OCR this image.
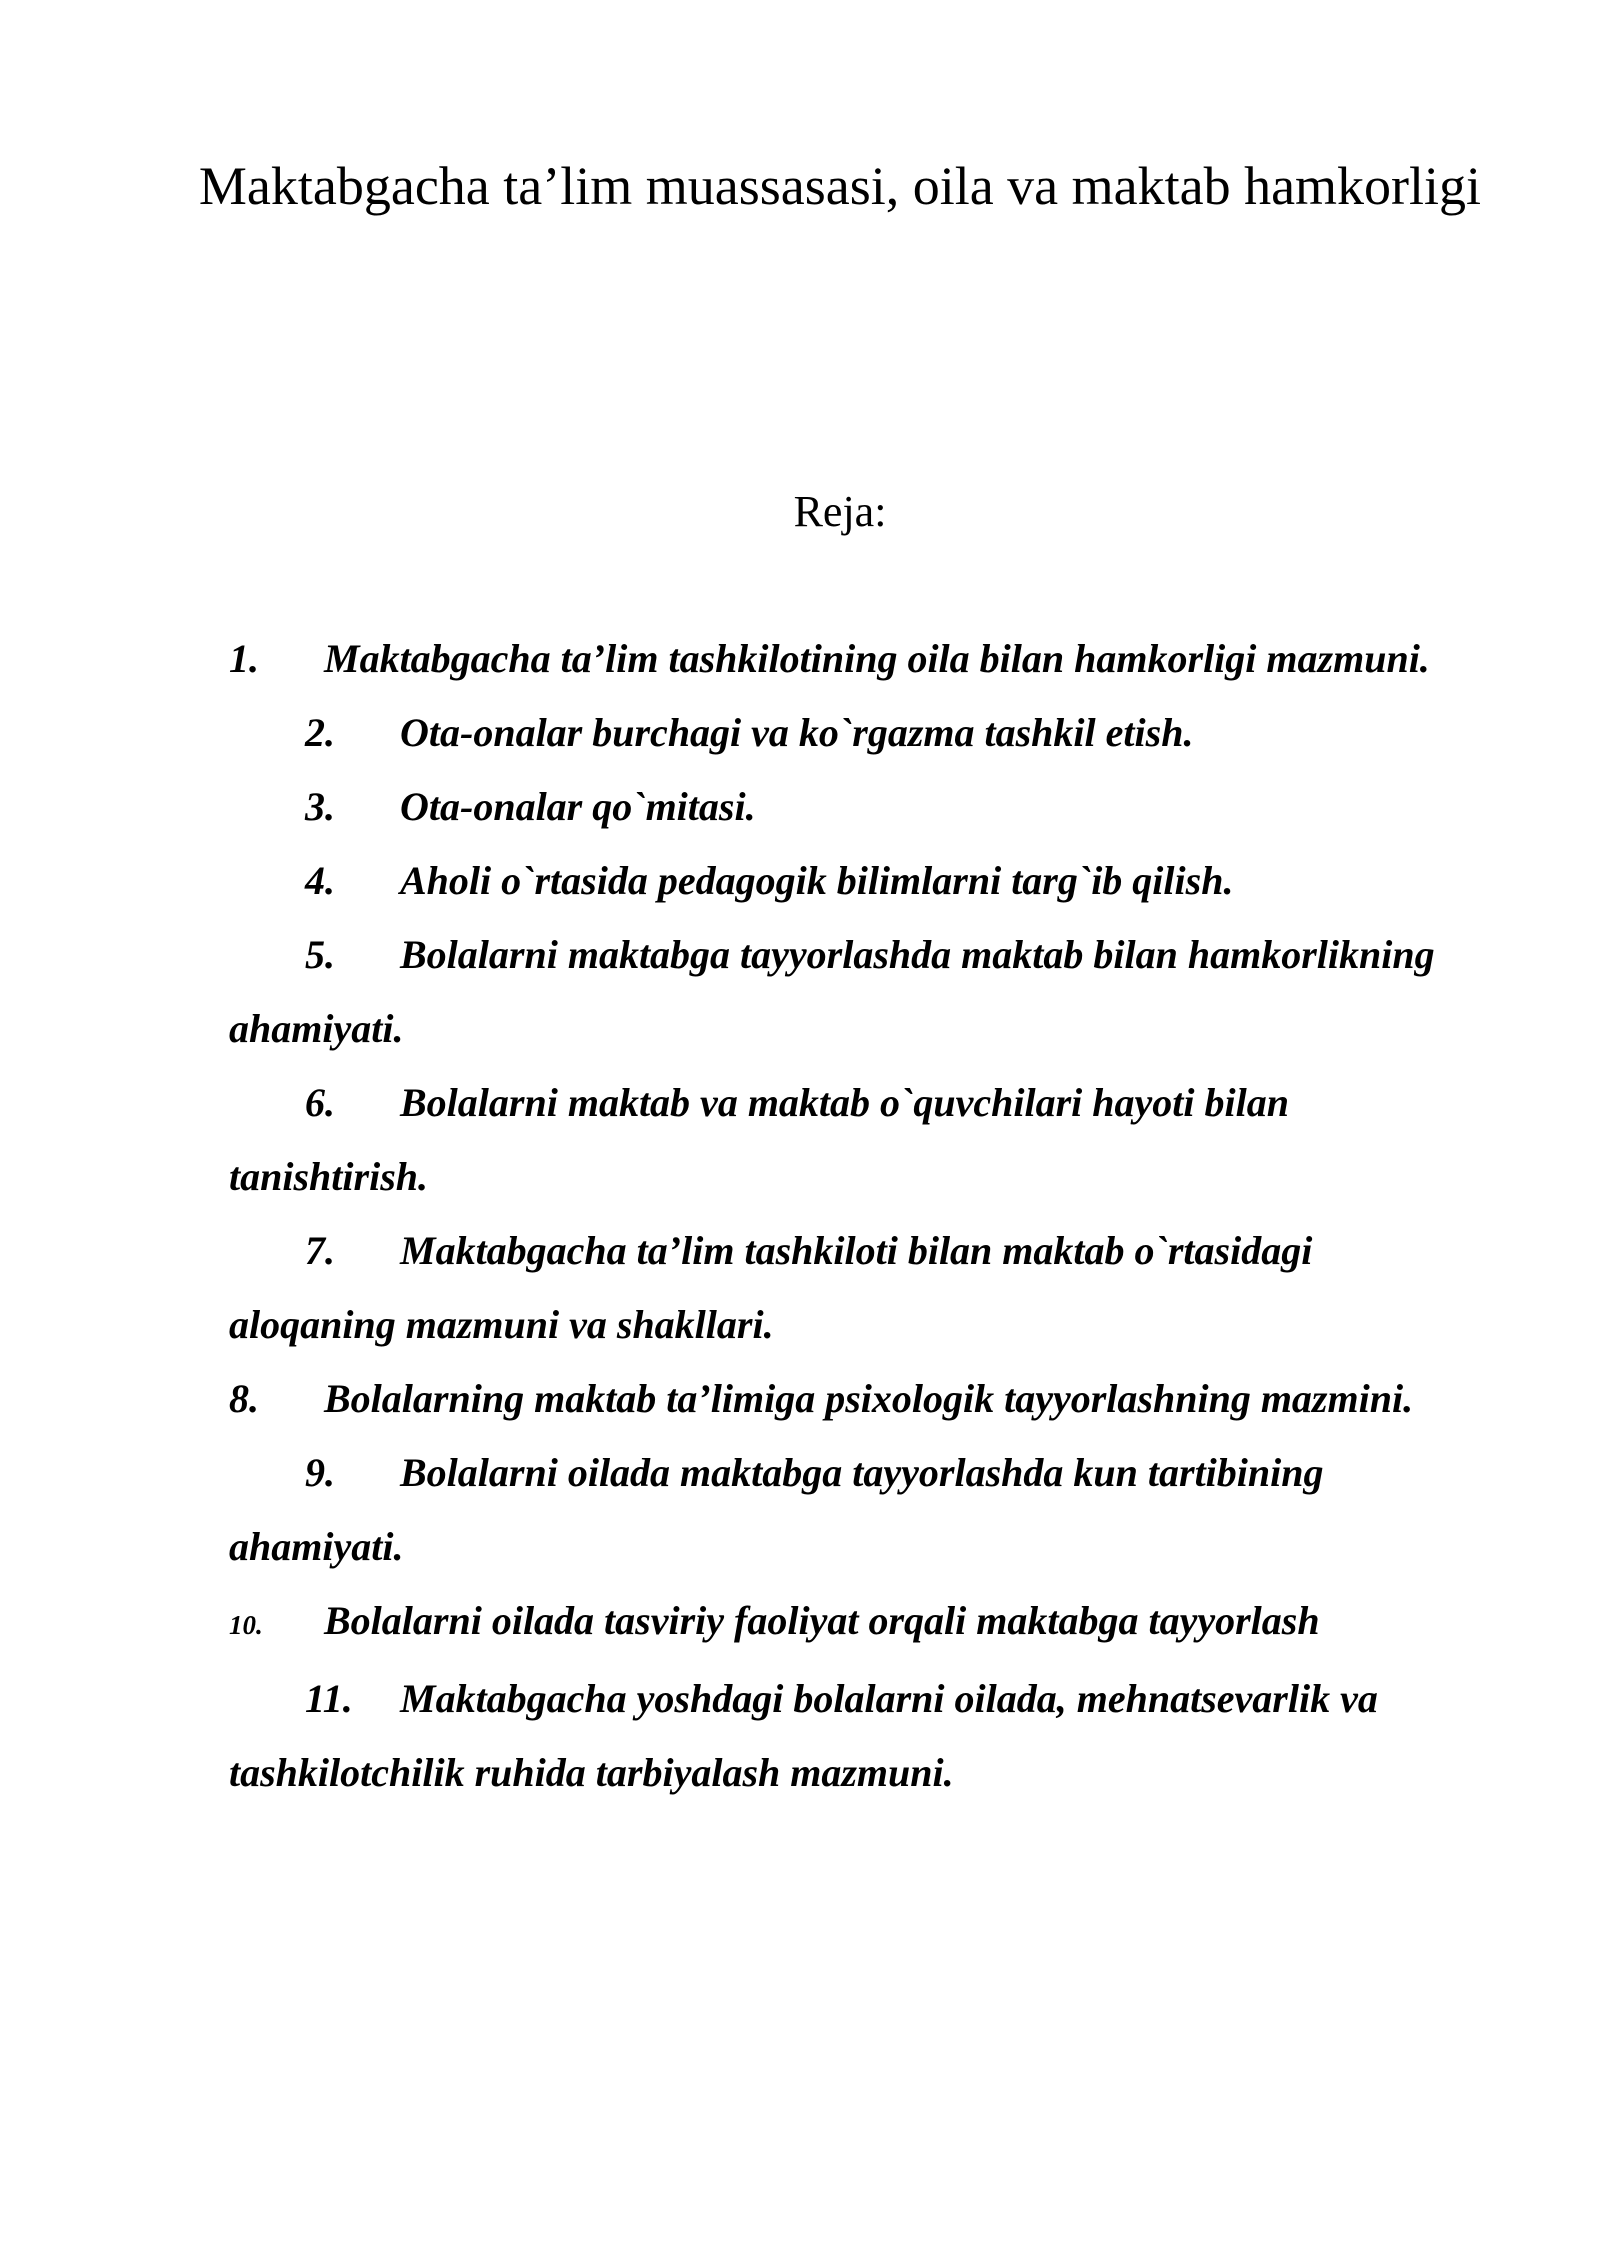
Maktabgacha ta’lim muassasasi, oila va maktab hamkorligi

Reja:

1. Maktabgacha ta’lim tashkilotining oila bilan hamkorligi mazmuni.
2. Ota-onalar burchagi va ko`rgazma tashkil etish.
3. Ota-onalar qo`mitasi.
4. Aholi o`rtasida pedagogik bilimlarni targ`ib qilish.
5. Bolalarni maktabga tayyorlashda maktab bilan hamkorlikning ahamiyati.
6. Bolalarni maktab va maktab o`quvchilari hayoti bilan tanishtirish.
7. Maktabgacha ta’lim tashkiloti bilan maktab o`rtasidagi aloqaning mazmuni va shakllari.
8. Bolalarning maktab ta’limiga psixologik tayyorlashning mazmini.
9. Bolalarni oilada maktabga tayyorlashda kun tartibining ahamiyati.
10. Bolalarni oilada tasviriy faoliyat orqali maktabga tayyorlash
11. Maktabgacha yoshdagi bolalarni oilada, mehnatsevarlik va tashkilotchilik ruhida tarbiyalash mazmuni.
